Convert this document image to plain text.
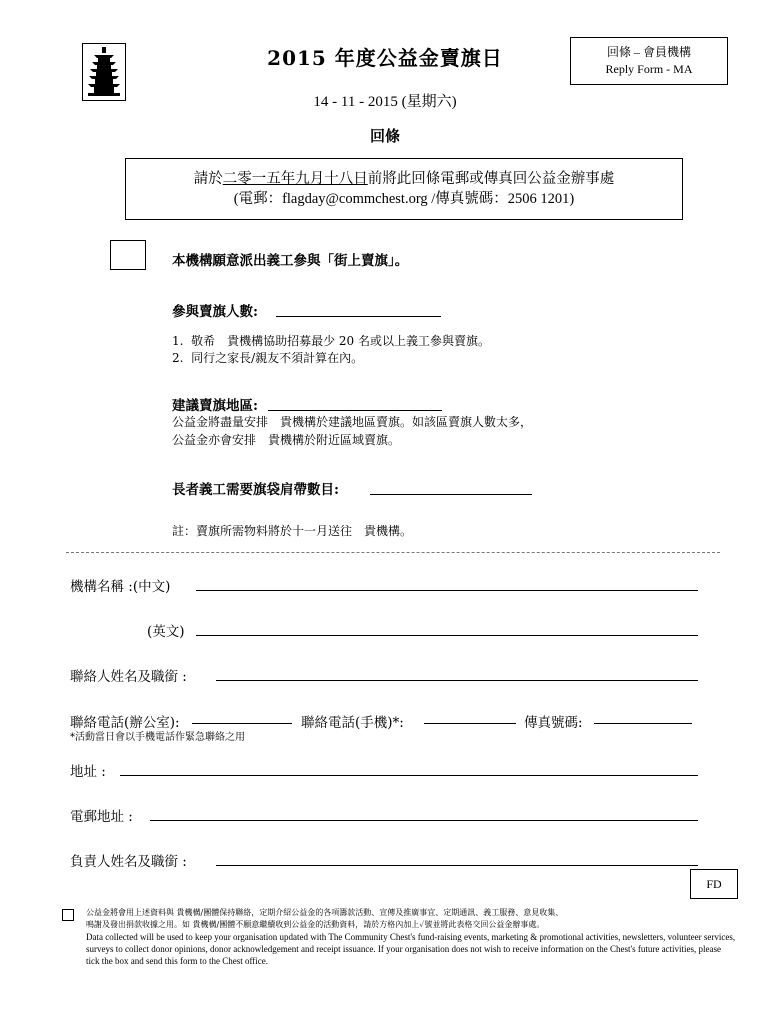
2015 年度公益金賣旗日	回條 – 會員機構
Reply Form - MA
14 - 11 - 2015 (星期六)
回條
請於二零一五年九月十八日前將此回條電郵或傳真回公益金辦事處
(電郵：flagday@commchest.org /傳真號碼：2506 1201)
本機構願意派出義工參與「街上賣旗」。
參與賣旗人數:
1.  敬希　貴機構協助招募最少 20 名或以上義工參與賣旗。
2.  同行之家長/親友不須計算在內。
建議賣旗地區:
公益金將盡量安排　貴機構於建議地區賣旗。如該區賣旗人數太多，
公益金亦會安排　貴機構於附近區域賣旗。
長者義工需要旗袋肩帶數目:
註：賣旗所需物料將於十一月送往　貴機構。
機構名稱 :(中文)
(英文)
聯絡人姓名及職銜 :
聯絡電話(辦公室):	聯絡電話(手機)*:	傳真號碼:
*活動當日會以手機電話作緊急聯絡之用
地址 :
電郵地址 :
負責人姓名及職銜 :
FD
公益金將會用上述資料與 貴機構/團體保持聯絡，定期介紹公益金的各項籌款活動、宣傳及推廣事宜、定期通訊、義工服務、意見收集、
鳴謝及發出捐款收據之用。如 貴機構/團體不願意繼續收到公益金的活動資料，請於方格內加上✓號並將此表格交回公益金辦事處。
Data collected will be used to keep your organisation updated with The Community Chest's fund-raising events, marketing & promotional activities, newsletters, volunteer services, surveys to collect donor opinions, donor acknowledgement and receipt issuance. If your organisation does not wish to receive information on the Chest's future activities, please tick the box and send this form to the Chest office.
